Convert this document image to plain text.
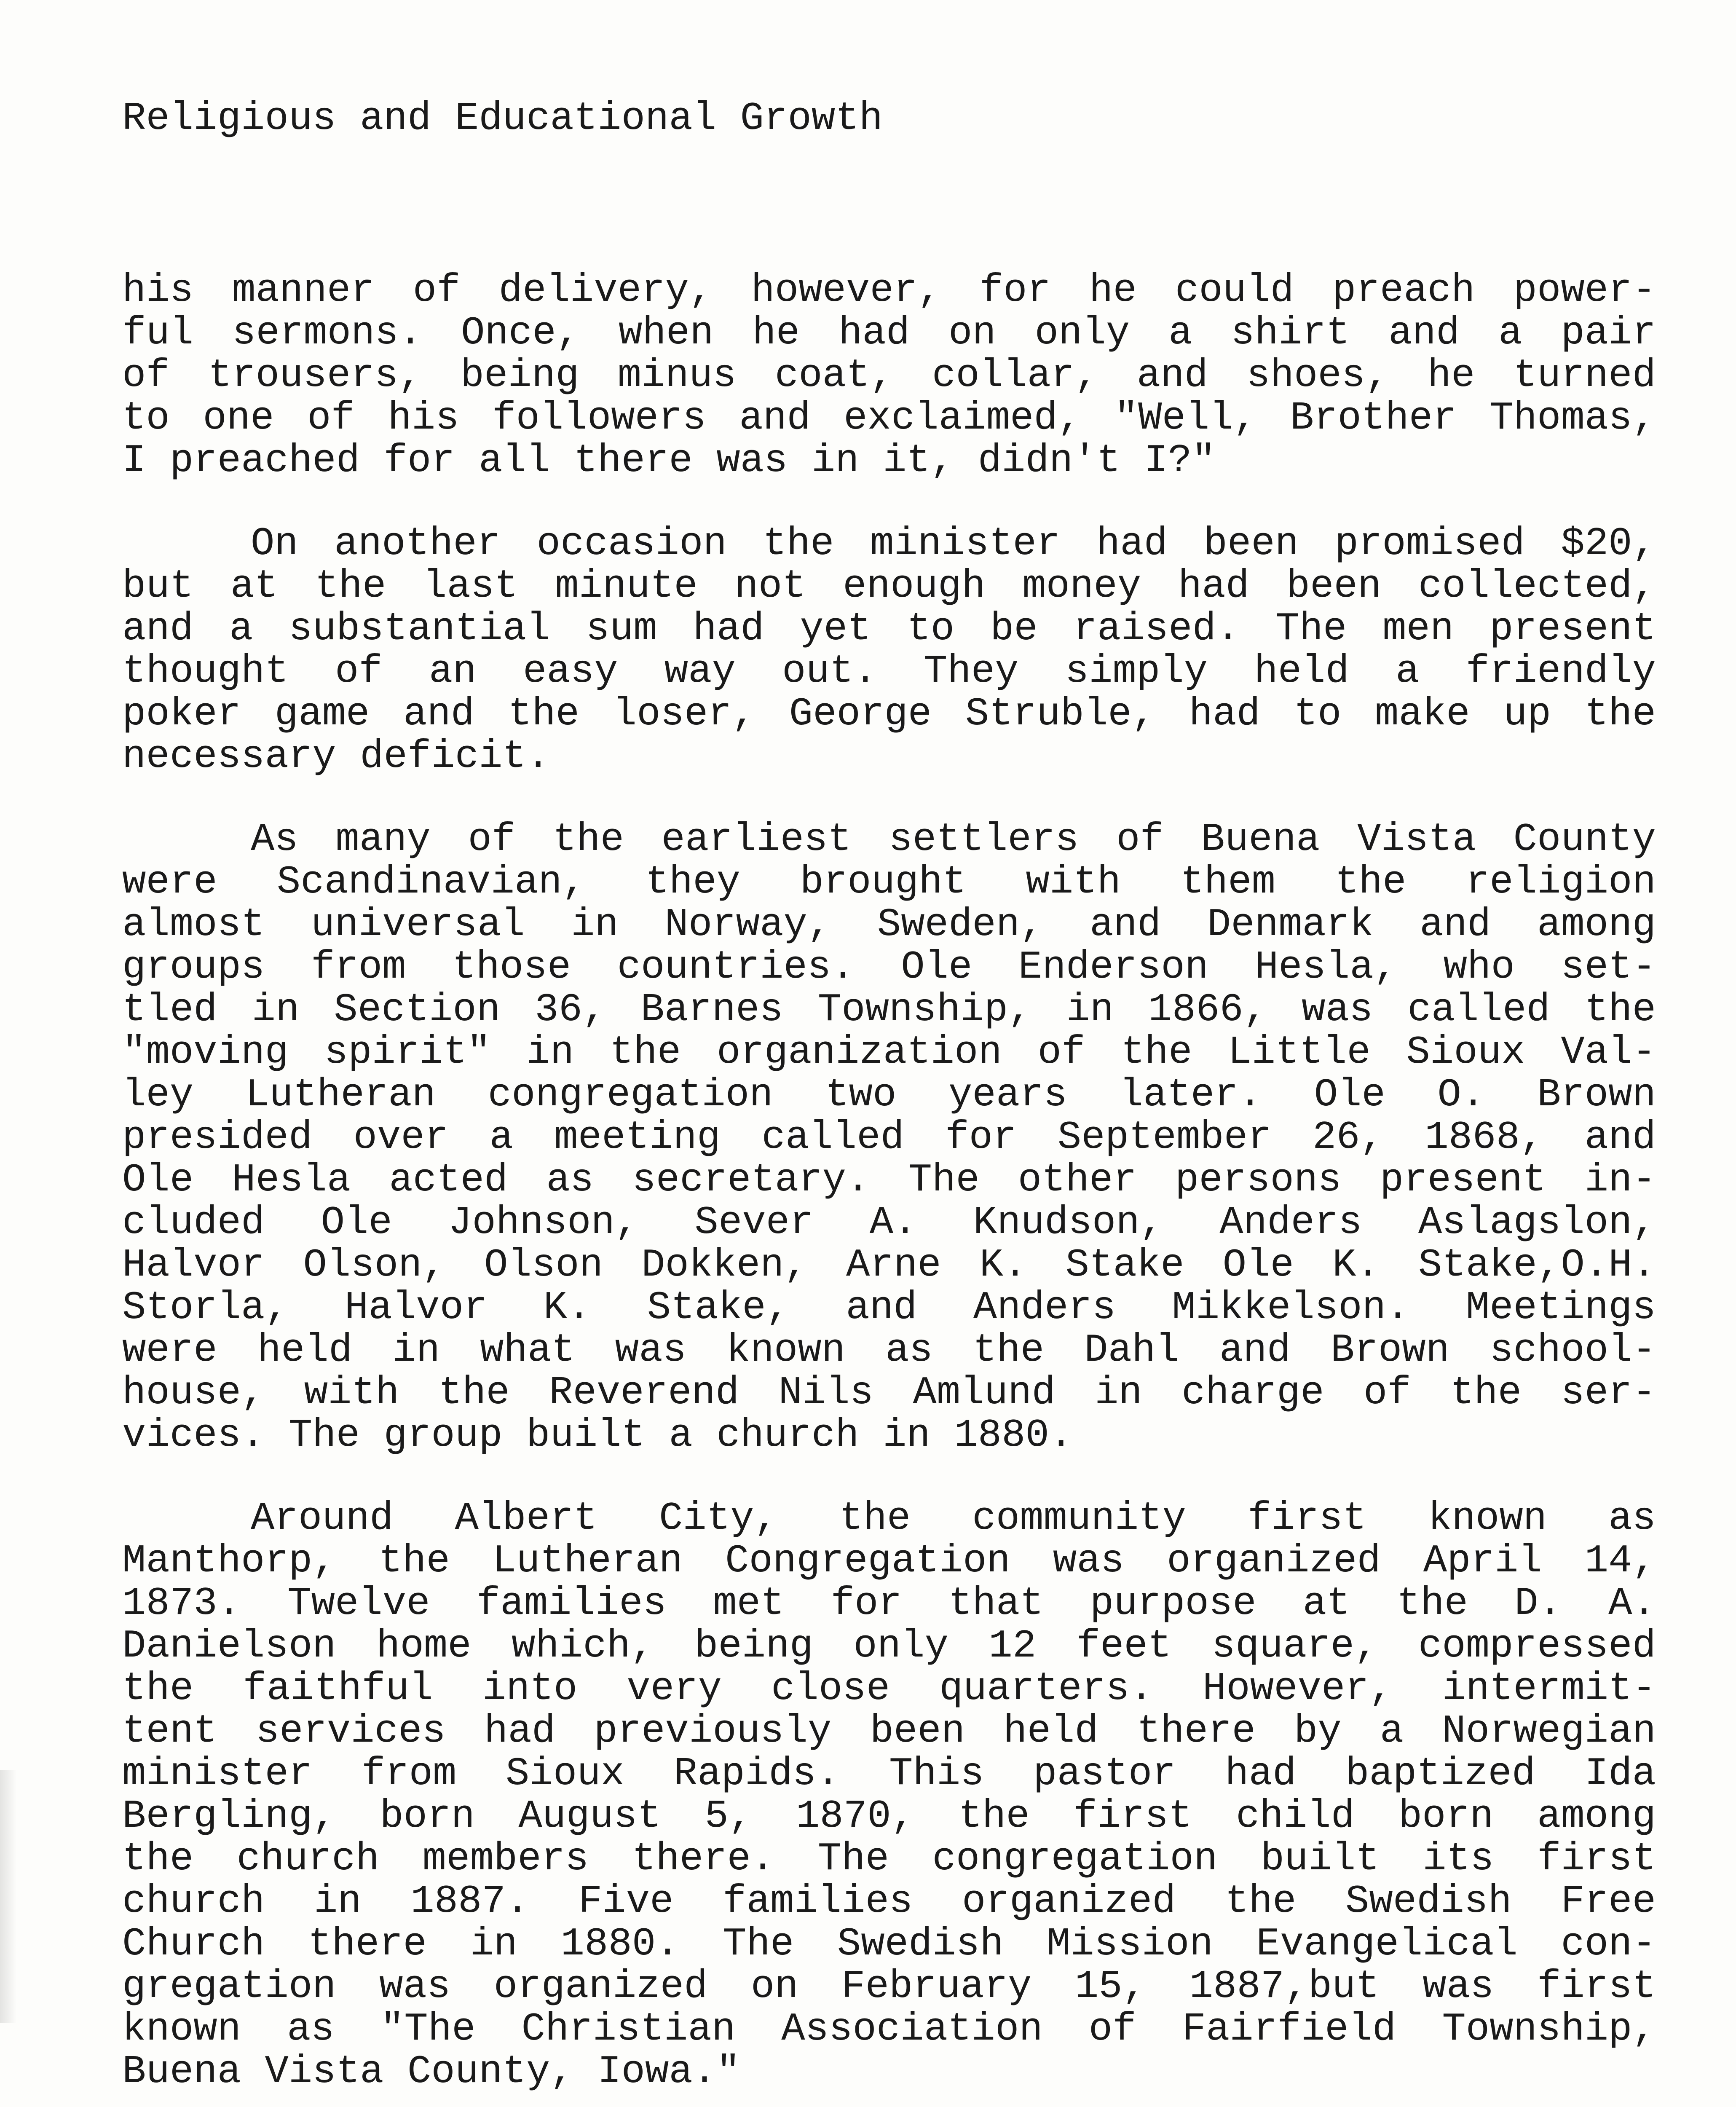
Religious and Educational Growth

his manner of delivery, however, for he could preach power-
ful sermons. Once, when he had on only a shirt and a pair
of trousers, being minus coat, collar, and shoes, he turned
to one of his followers and exclaimed, "Well, Brother Thomas,
I preached for all there was in it, didn't I?"

On another occasion the minister had been promised $20,
but at the last minute not enough money had been collected,
and a substantial sum had yet to be raised. The men present
thought of an easy way out. They simply held a friendly
poker game and the loser, George Struble, had to make up the
necessary deficit.

As many of the earliest settlers of Buena Vista County
were Scandinavian, they brought with them the religion
almost universal in Norway, Sweden, and Denmark and among
groups from those countries. Ole Enderson Hesla, who set-
tled in Section 36, Barnes Township, in 1866, was called the
"moving spirit" in the organization of the Little Sioux Val-
ley Lutheran congregation two years later. Ole O. Brown
presided over a meeting called for September 26, 1868, and
Ole Hesla acted as secretary. The other persons present in-
cluded Ole Johnson, Sever A. Knudson, Anders Aslagslon,
Halvor Olson, Olson Dokken, Arne K. Stake Ole K. Stake,O.H.
Storla, Halvor K. Stake, and Anders Mikkelson. Meetings
were held in what was known as the Dahl and Brown school-
house, with the Reverend Nils Amlund in charge of the ser-
vices. The group built a church in 1880.

Around Albert City, the community first known as
Manthorp, the Lutheran Congregation was organized April 14,
1873. Twelve families met for that purpose at the D. A.
Danielson home which, being only 12 feet square, compressed
the faithful into very close quarters. However, intermit-
tent services had previously been held there by a Norwegian
minister from Sioux Rapids. This pastor had baptized Ida
Bergling, born August 5, 1870, the first child born among
the church members there. The congregation built its first
church in 1887. Five families organized the Swedish Free
Church there in 1880. The Swedish Mission Evangelical con-
gregation was organized on February 15, 1887,but was first
known as "The Christian Association of Fairfield Township,
Buena Vista County, Iowa."
